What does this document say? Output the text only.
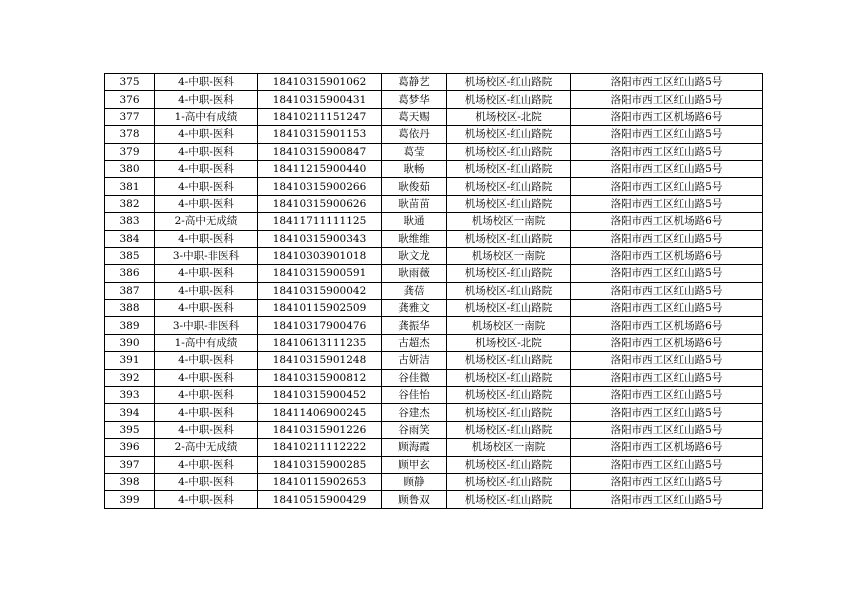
375	4-中职-医科	18410315901062	葛静艺	机场校区-红山路院	洛阳市西工区红山路5号
376	4-中职-医科	18410315900431	葛梦华	机场校区-红山路院	洛阳市西工区红山路5号
377	1-高中有成绩	18410211151247	葛天赐	机场校区-北院	洛阳市西工区机场路6号
378	4-中职-医科	18410315901153	葛依丹	机场校区-红山路院	洛阳市西工区红山路5号
379	4-中职-医科	18410315900847	葛莹	机场校区-红山路院	洛阳市西工区红山路5号
380	4-中职-医科	18411215900440	耿畅	机场校区-红山路院	洛阳市西工区红山路5号
381	4-中职-医科	18410315900266	耿俊茹	机场校区-红山路院	洛阳市西工区红山路5号
382	4-中职-医科	18410315900626	耿苗苗	机场校区-红山路院	洛阳市西工区红山路5号
383	2-高中无成绩	18411711111125	耿通	机场校区一南院	洛阳市西工区机场路6号
384	4-中职-医科	18410315900343	耿维维	机场校区-红山路院	洛阳市西工区红山路5号
385	3-中职-非医科	18410303901018	耿文龙	机场校区一南院	洛阳市西工区机场路6号
386	4-中职-医科	18410315900591	耿雨薇	机场校区-红山路院	洛阳市西工区红山路5号
387	4-中职-医科	18410315900042	龚蓓	机场校区-红山路院	洛阳市西工区红山路5号
388	4-中职-医科	18410115902509	龚雅文	机场校区-红山路院	洛阳市西工区红山路5号
389	3-中职-非医科	18410317900476	龚振华	机场校区一南院	洛阳市西工区机场路6号
390	1-高中有成绩	18410613111235	古超杰	机场校区-北院	洛阳市西工区机场路6号
391	4-中职-医科	18410315901248	古妍洁	机场校区-红山路院	洛阳市西工区红山路5号
392	4-中职-医科	18410315900812	谷佳微	机场校区-红山路院	洛阳市西工区红山路5号
393	4-中职-医科	18410315900452	谷佳怡	机场校区-红山路院	洛阳市西工区红山路5号
394	4-中职-医科	18411406900245	谷建杰	机场校区-红山路院	洛阳市西工区红山路5号
395	4-中职-医科	18410315901226	谷雨笑	机场校区-红山路院	洛阳市西工区红山路5号
396	2-高中无成绩	18410211112222	顾海霞	机场校区一南院	洛阳市西工区机场路6号
397	4-中职-医科	18410315900285	顾甲玄	机场校区-红山路院	洛阳市西工区红山路5号
398	4-中职-医科	18410115902653	顾静	机场校区-红山路院	洛阳市西工区红山路5号
399	4-中职-医科	18410515900429	顾鲁双	机场校区-红山路院	洛阳市西工区红山路5号
